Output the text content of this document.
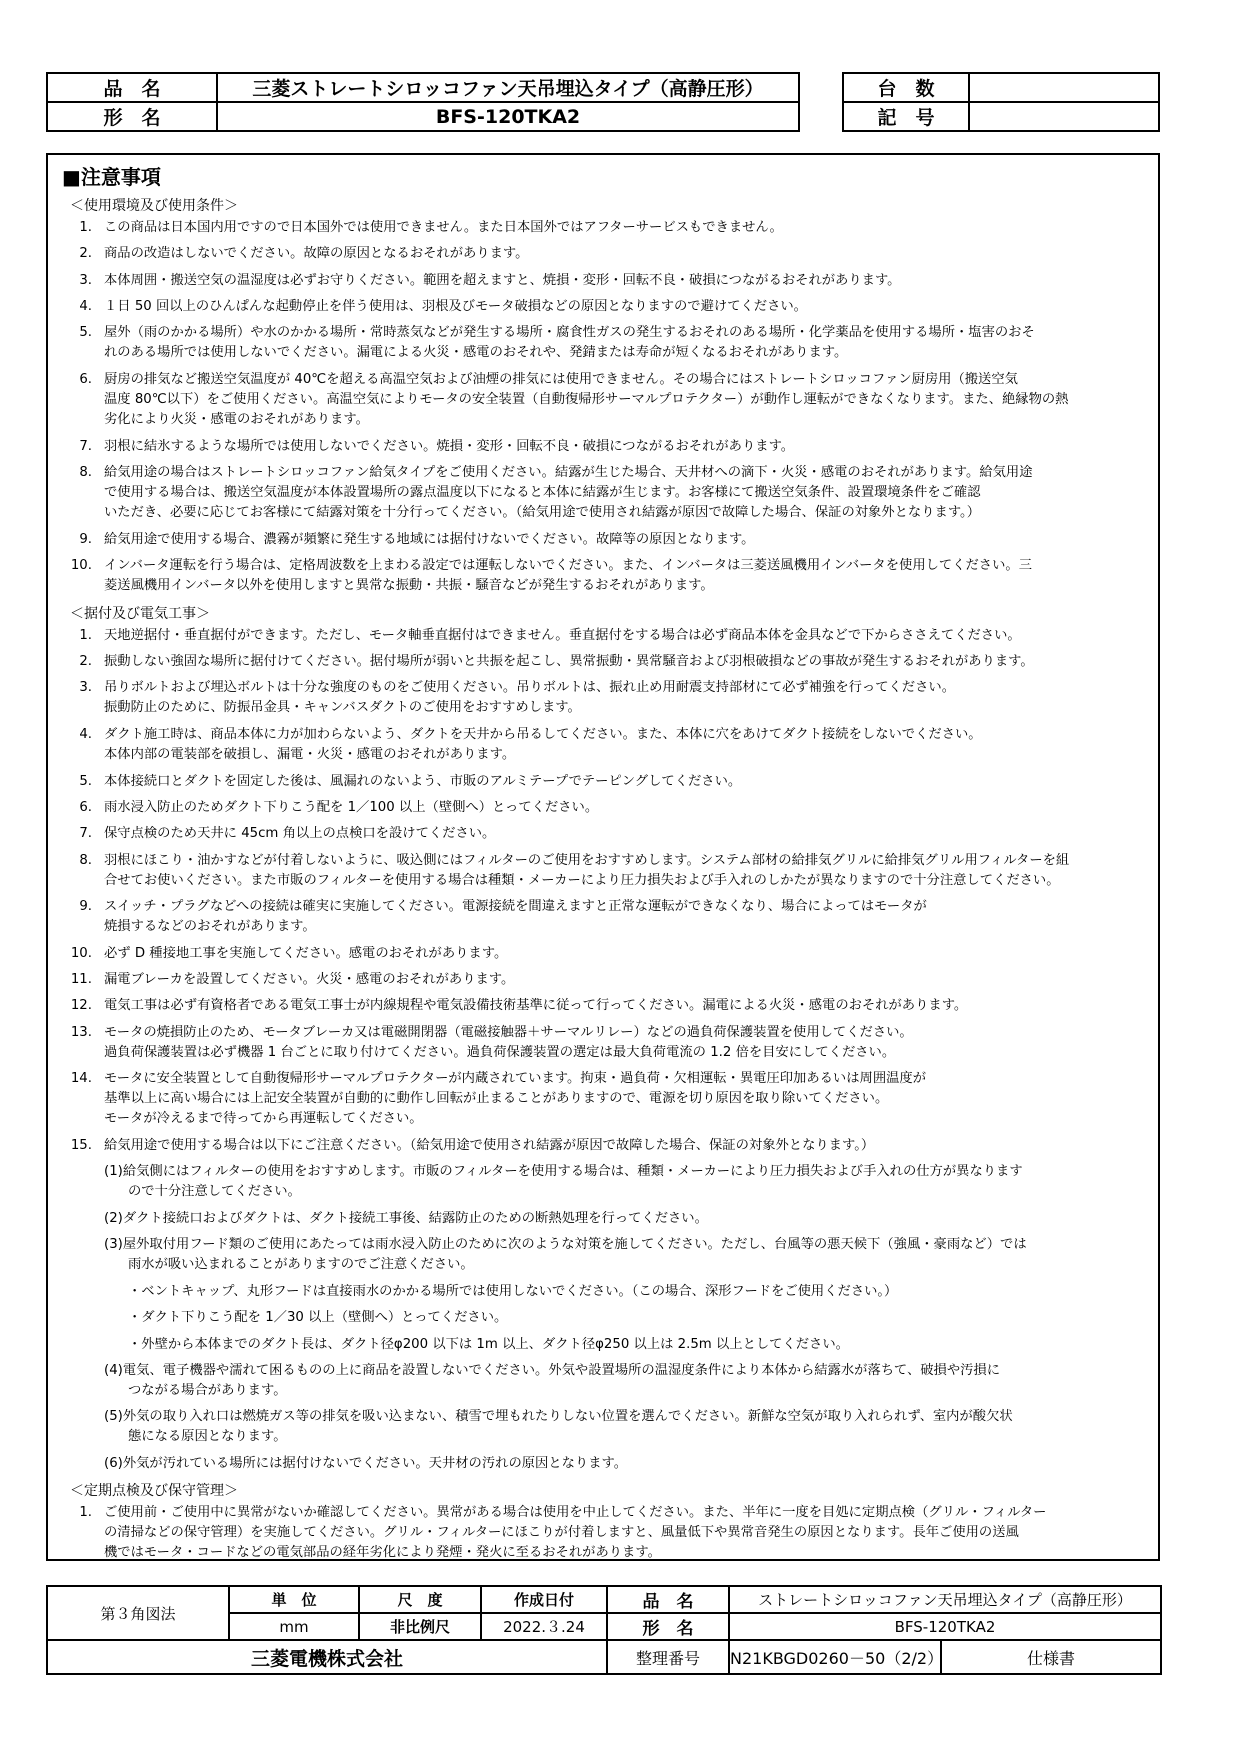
品　名	三菱ストレートシロッコファン天吊埋込タイプ（高静圧形）
形　名	BFS-120TKA2
台　数	
記　号	
■注意事項
＜使用環境及び使用条件＞
1. この商品は日本国内用ですので日本国外では使用できません。また日本国外ではアフターサービスもできません。
2. 商品の改造はしないでください。故障の原因となるおそれがあります。
3. 本体周囲・搬送空気の温湿度は必ずお守りください。範囲を超えますと、焼損・変形・回転不良・破損につながるおそれがあります。
4. １日 50 回以上のひんぱんな起動停止を伴う使用は、羽根及びモータ破損などの原因となりますので避けてください。
5. 屋外（雨のかかる場所）や水のかかる場所・常時蒸気などが発生する場所・腐食性ガスの発生するおそれのある場所・化学薬品を使用する場所・塩害のおそ
れのある場所では使用しないでください。漏電による火災・感電のおそれや、発錆または寿命が短くなるおそれがあります。
6. 厨房の排気など搬送空気温度が 40℃を超える高温空気および油煙の排気には使用できません。その場合にはストレートシロッコファン厨房用（搬送空気
温度 80℃以下）をご使用ください。高温空気によりモータの安全装置（自動復帰形サーマルプロテクター）が動作し運転ができなくなります。また、絶縁物の熱
劣化により火災・感電のおそれがあります。
7. 羽根に結氷するような場所では使用しないでください。焼損・変形・回転不良・破損につながるおそれがあります。
8. 給気用途の場合はストレートシロッコファン給気タイプをご使用ください。結露が生じた場合、天井材への滴下・火災・感電のおそれがあります。給気用途
で使用する場合は、搬送空気温度が本体設置場所の露点温度以下になると本体に結露が生じます。お客様にて搬送空気条件、設置環境条件をご確認
いただき、必要に応じてお客様にて結露対策を十分行ってください。（給気用途で使用され結露が原因で故障した場合、保証の対象外となります。）
9. 給気用途で使用する場合、濃霧が頻繁に発生する地域には据付けないでください。故障等の原因となります。
10. インバータ運転を行う場合は、定格周波数を上まわる設定では運転しないでください。また、インバータは三菱送風機用インバータを使用してください。三
菱送風機用インバータ以外を使用しますと異常な振動・共振・騒音などが発生するおそれがあります。
＜据付及び電気工事＞
1. 天地逆据付・垂直据付ができます。ただし、モータ軸垂直据付はできません。垂直据付をする場合は必ず商品本体を金具などで下からささえてください。
2. 振動しない強固な場所に据付けてください。据付場所が弱いと共振を起こし、異常振動・異常騒音および羽根破損などの事故が発生するおそれがあります。
3. 吊りボルトおよび埋込ボルトは十分な強度のものをご使用ください。吊りボルトは、振れ止め用耐震支持部材にて必ず補強を行ってください。
振動防止のために、防振吊金具・キャンバスダクトのご使用をおすすめします。
4. ダクト施工時は、商品本体に力が加わらないよう、ダクトを天井から吊るしてください。また、本体に穴をあけてダクト接続をしないでください。
本体内部の電装部を破損し、漏電・火災・感電のおそれがあります。
5. 本体接続口とダクトを固定した後は、風漏れのないよう、市販のアルミテープでテーピングしてください。
6. 雨水浸入防止のためダクト下りこう配を 1／100 以上（壁側へ）とってください。
7. 保守点検のため天井に 45cm 角以上の点検口を設けてください。
8. 羽根にほこり・油かすなどが付着しないように、吸込側にはフィルターのご使用をおすすめします。システム部材の給排気グリルに給排気グリル用フィルターを組
合せてお使いください。また市販のフィルターを使用する場合は種類・メーカーにより圧力損失および手入れのしかたが異なりますので十分注意してください。
9. スイッチ・プラグなどへの接続は確実に実施してください。電源接続を間違えますと正常な運転ができなくなり、場合によってはモータが
焼損するなどのおそれがあります。
10. 必ず D 種接地工事を実施してください。感電のおそれがあります。
11. 漏電ブレーカを設置してください。火災・感電のおそれがあります。
12. 電気工事は必ず有資格者である電気工事士が内線規程や電気設備技術基準に従って行ってください。漏電による火災・感電のおそれがあります。
13. モータの焼損防止のため、モータブレーカ又は電磁開閉器（電磁接触器＋サーマルリレー）などの過負荷保護装置を使用してください。
過負荷保護装置は必ず機器 1 台ごとに取り付けてください。過負荷保護装置の選定は最大負荷電流の 1.2 倍を目安にしてください。
14. モータに安全装置として自動復帰形サーマルプロテクターが内蔵されています。拘束・過負荷・欠相運転・異電圧印加あるいは周囲温度が
基準以上に高い場合には上記安全装置が自動的に動作し回転が止まることがありますので、電源を切り原因を取り除いてください。
モータが冷えるまで待ってから再運転してください。
15. 給気用途で使用する場合は以下にご注意ください。（給気用途で使用され結露が原因で故障した場合、保証の対象外となります。）
(1)給気側にはフィルターの使用をおすすめします。市販のフィルターを使用する場合は、種類・メーカーにより圧力損失および手入れの仕方が異なります
ので十分注意してください。
(2)ダクト接続口およびダクトは、ダクト接続工事後、結露防止のための断熱処理を行ってください。
(3)屋外取付用フード類のご使用にあたっては雨水浸入防止のために次のような対策を施してください。ただし、台風等の悪天候下（強風・豪雨など）では
雨水が吸い込まれることがありますのでご注意ください。
・ベントキャップ、丸形フードは直接雨水のかかる場所では使用しないでください。（この場合、深形フードをご使用ください。）
・ダクト下りこう配を 1／30 以上（壁側へ）とってください。
・外壁から本体までのダクト長は、ダクト径φ200 以下は 1m 以上、ダクト径φ250 以上は 2.5m 以上としてください。
(4)電気、電子機器や濡れて困るものの上に商品を設置しないでください。外気や設置場所の温湿度条件により本体から結露水が落ちて、破損や汚損に
つながる場合があります。
(5)外気の取り入れ口は燃焼ガス等の排気を吸い込まない、積雪で埋もれたりしない位置を選んでください。新鮮な空気が取り入れられず、室内が酸欠状
態になる原因となります。
(6)外気が汚れている場所には据付けないでください。天井材の汚れの原因となります。
＜定期点検及び保守管理＞
1. ご使用前・ご使用中に異常がないか確認してください。異常がある場合は使用を中止してください。また、半年に一度を目処に定期点検（グリル・フィルター
の清掃などの保守管理）を実施してください。グリル・フィルターにほこりが付着しますと、風量低下や異常音発生の原因となります。長年ご使用の送風
機ではモータ・コードなどの電気部品の経年劣化により発煙・発火に至るおそれがあります。
第３角図法	単　位	尺　度	作成日付	品　名	ストレートシロッコファン天吊埋込タイプ（高静圧形）	
	mm	非比例尺	2022.３.24	形　名	BFS-120TKA2	
三菱電機株式会社				整理番号	N21KBGD0260－50（2/2）	仕様書
